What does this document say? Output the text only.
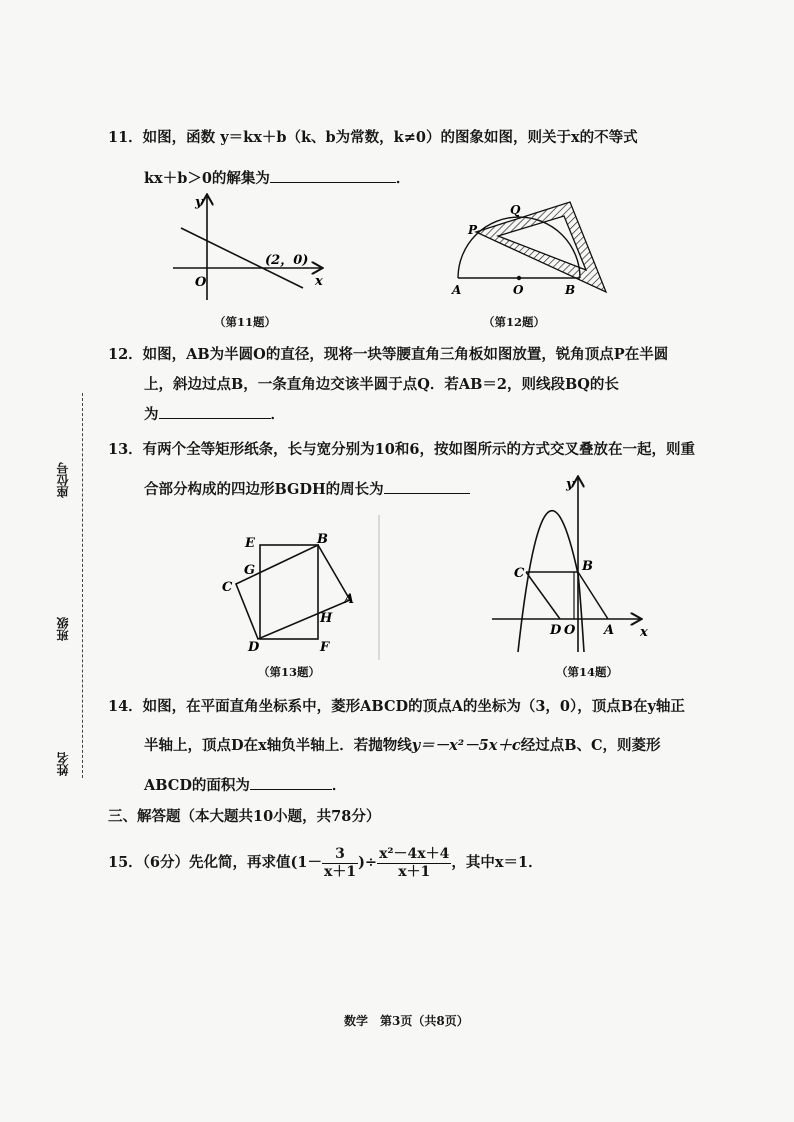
座位号
班级
姓名
11．如图，函数 y＝kx＋b（k、b为常数，k≠0）的图象如图，则关于x的不等式
kx＋b＞0的解集为	．
y
x
O
(2，0)
（第11题）
P
Q
A	O	B
（第12题）
12．如图，AB为半圆O的直径，现将一块等腰直角三角板如图放置，锐角顶点P在半圆
上，斜边过点B，一条直角边交该半圆于点Q．若AB＝2，则线段BQ的长
为	．
13．有两个全等矩形纸条，长与宽分别为10和6，按如图所示的方式交叉叠放在一起，则重
合部分构成的四边形BGDH的周长为
E	B
G
C
A
H
D	F
（第13题）
y
x
C	B
D O A
（第14题）
14．如图，在平面直角坐标系中，菱形ABCD的顶点A的坐标为（3，0），顶点B在y轴正
半轴上，顶点D在x轴负半轴上．若抛物线y＝－x²－5x＋c经过点B、C，则菱形
ABCD的面积为	．
三、解答题（本大题共10小题，共78分）
15．（6分）先化简，再求值($1- \frac{3}{x+1}$ )÷ $\frac{\text{x²－4x＋4}}{x+1}$ ，其中x＝1．
数学　第3页（共8页）
